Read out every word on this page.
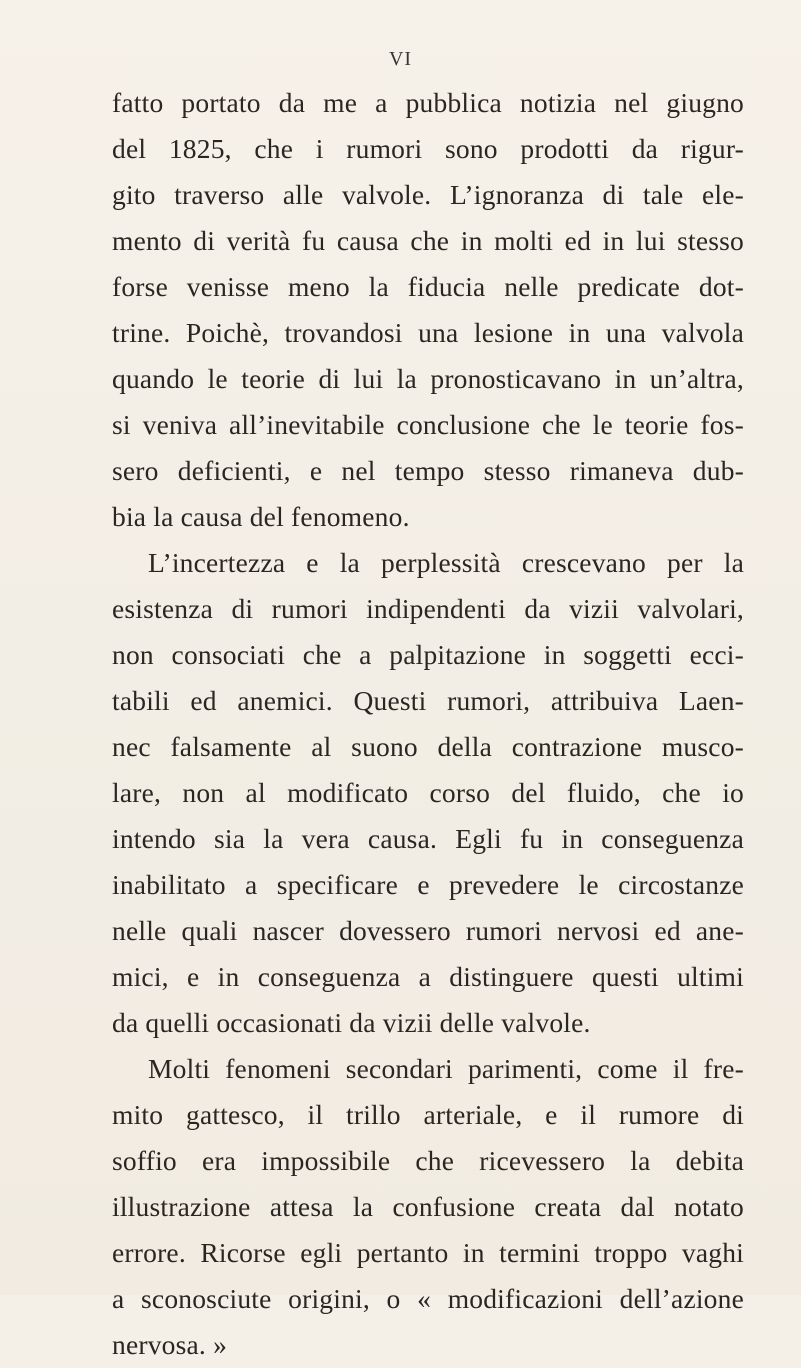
VI
fatto portato da me a pubblica notizia nel giugno
del 1825, che i rumori sono prodotti da rigur-
gito traverso alle valvole. L’ignoranza di tale ele-
mento di verità fu causa che in molti ed in lui stesso
forse venisse meno la fiducia nelle predicate dot-
trine. Poichè, trovandosi una lesione in una valvola
quando le teorie di lui la pronosticavano in un’altra,
si veniva all’inevitabile conclusione che le teorie fos-
sero deficienti, e nel tempo stesso rimaneva dub-
bia la causa del fenomeno.
L’incertezza e la perplessità crescevano per la
esistenza di rumori indipendenti da vizii valvolari,
non consociati che a palpitazione in soggetti ecci-
tabili ed anemici. Questi rumori, attribuiva Laen-
nec falsamente al suono della contrazione musco-
lare, non al modificato corso del fluido, che io
intendo sia la vera causa. Egli fu in conseguenza
inabilitato a specificare e prevedere le circostanze
nelle quali nascer dovessero rumori nervosi ed ane-
mici, e in conseguenza a distinguere questi ultimi
da quelli occasionati da vizii delle valvole.
Molti fenomeni secondari parimenti, come il fre-
mito gattesco, il trillo arteriale, e il rumore di
soffio era impossibile che ricevessero la debita
illustrazione attesa la confusione creata dal notato
errore. Ricorse egli pertanto in termini troppo vaghi
a sconosciute origini, o « modificazioni dell’azione
nervosa. »
